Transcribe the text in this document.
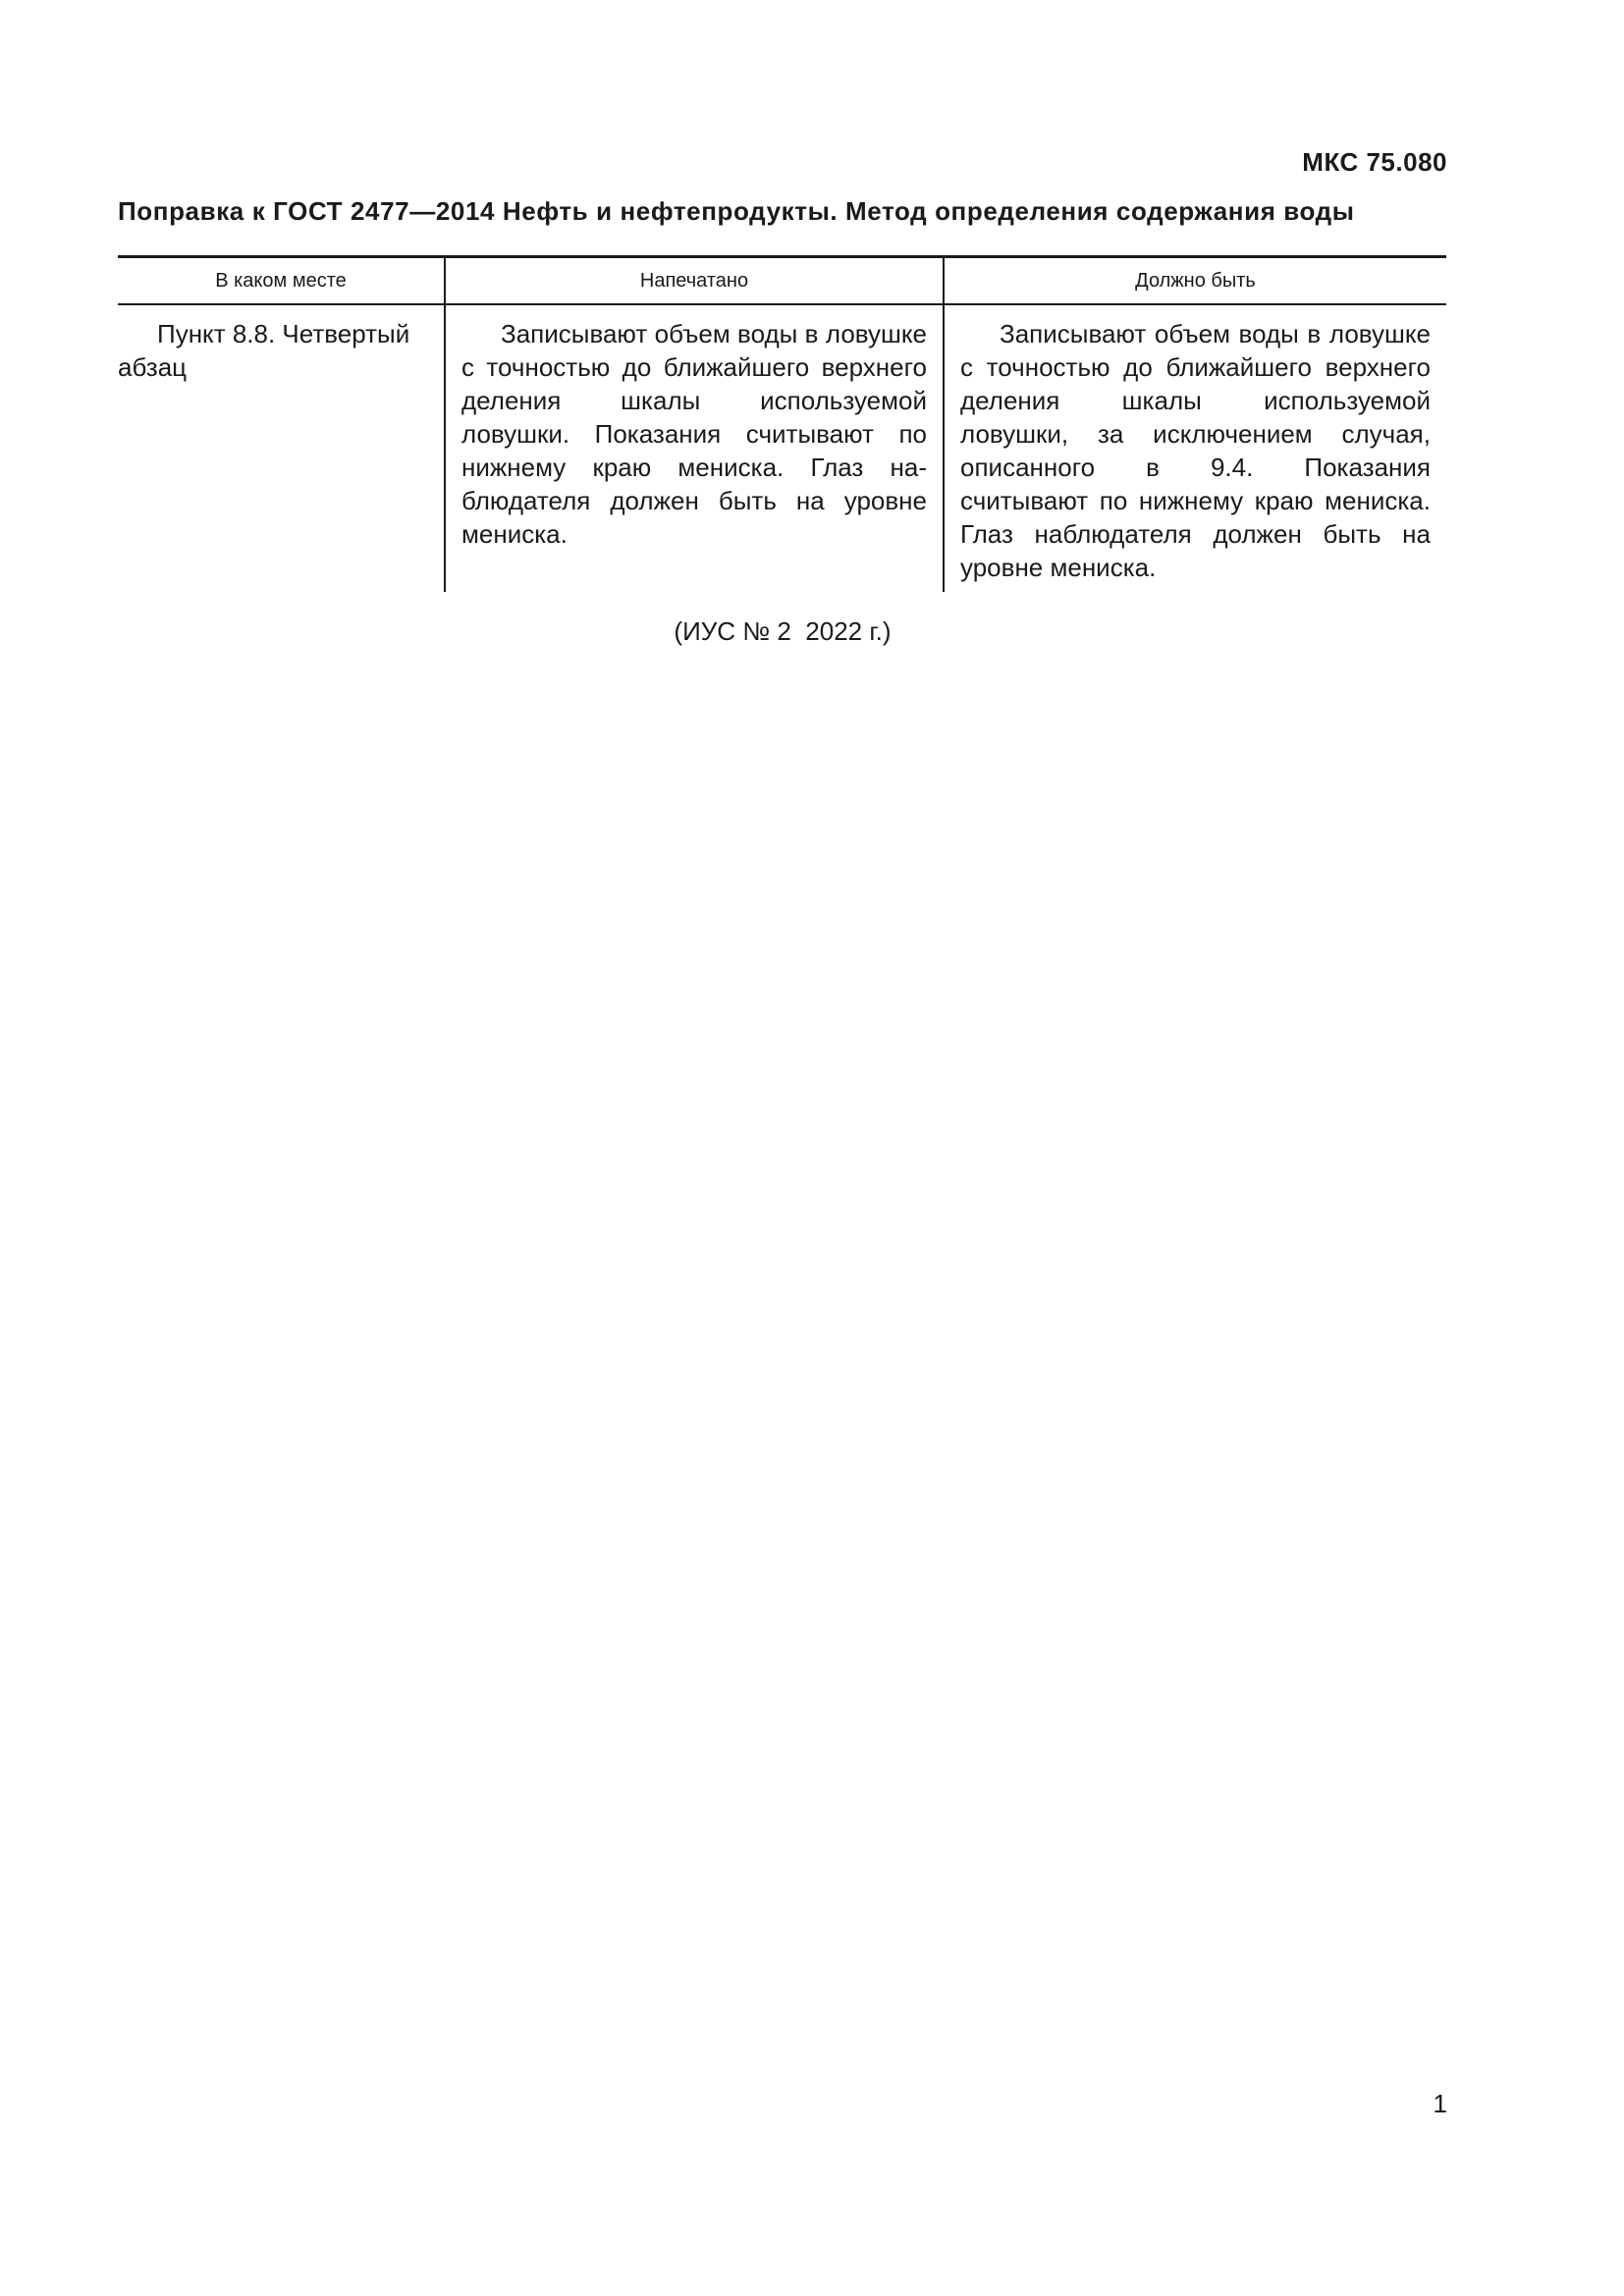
МКС 75.080
Поправка к ГОСТ 2477—2014 Нефть и нефтепродукты. Метод определения содержания воды
В каком месте	Напечатано	Должно быть
Пункт 8.8. Четвертый абзац	Записывают объем воды в ловушке с точностью до ближайшего верхнего деления шкалы используемой ловушки. Показания считывают по нижнему краю мениска. Глаз наблюдателя должен быть на уровне мениска.	Записывают объем воды в ловушке с точностью до ближайшего верхнего деления шкалы используемой ловушки, за исключением случая, описанного в 9.4. Показания считывают по нижнему краю мениска. Глаз наблюдателя должен быть на уровне мениска.
(ИУС № 2  2022 г.)
1
